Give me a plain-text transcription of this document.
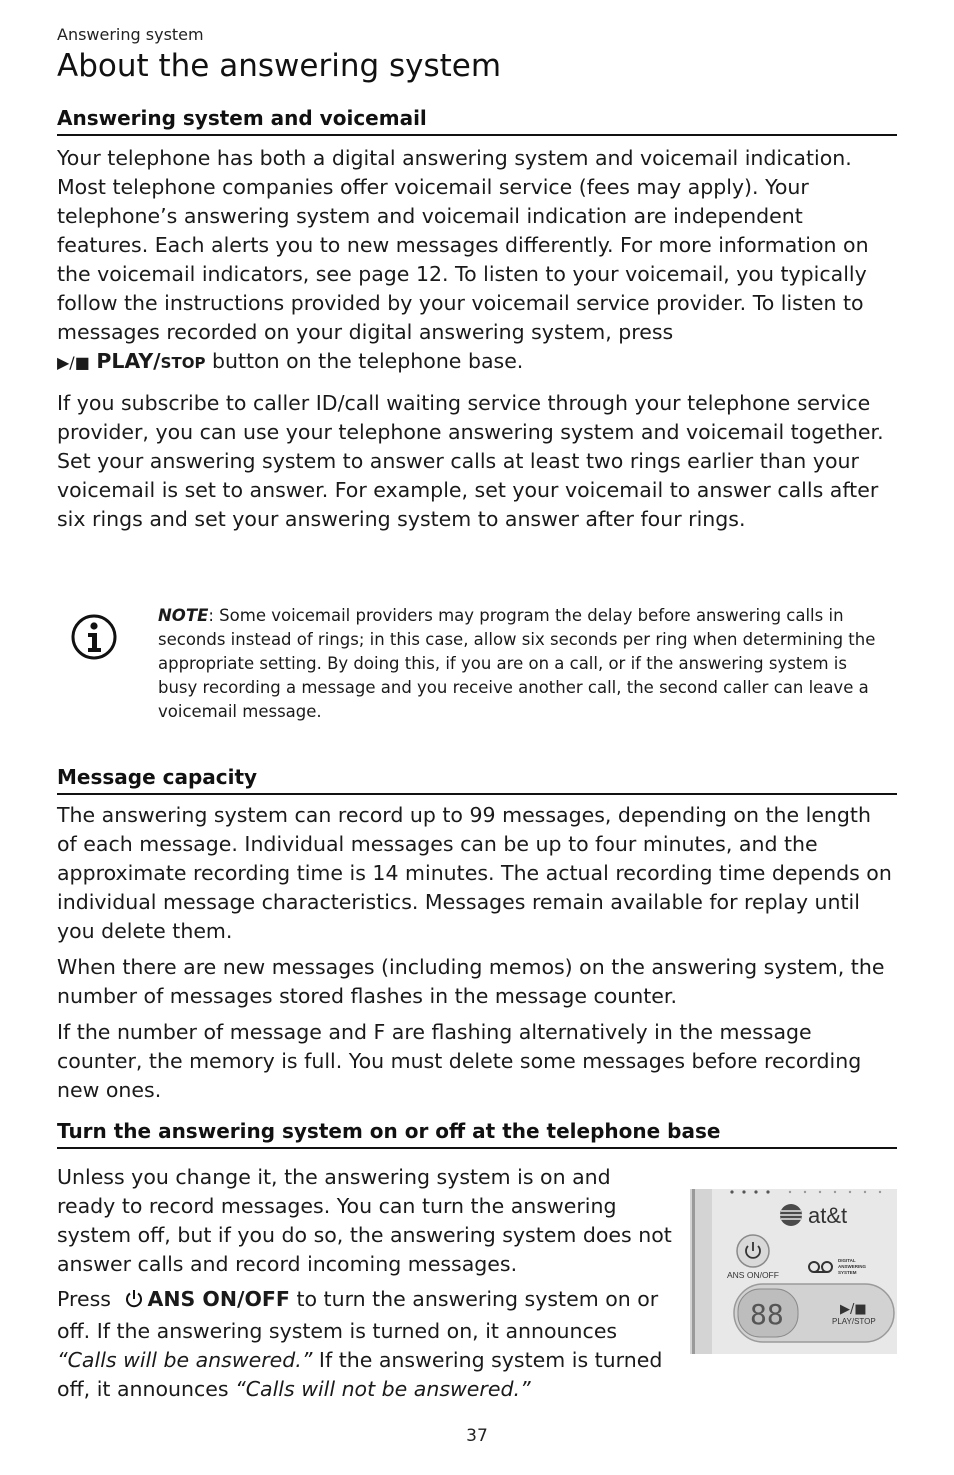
Answering system
About the answering system
Answering system and voicemail

Your telephone has both a digital answering system and voicemail indication. Most telephone companies offer voicemail service (fees may apply). Your telephone’s answering system and voicemail indication are independent features. Each alerts you to new messages differently. For more information on the voicemail indicators, see page 12. To listen to your voicemail, you typically follow the instructions provided by your voicemail service provider. To listen to messages recorded on your digital answering system, press
▶/■ PLAY/STOP button on the telephone base.

If you subscribe to caller ID/call waiting service through your telephone service provider, you can use your telephone answering system and voicemail together. Set your answering system to answer calls at least two rings earlier than your voicemail is set to answer. For example, set your voicemail to answer calls after six rings and set your answering system to answer after four rings.

NOTE: Some voicemail providers may program the delay before answering calls in seconds instead of rings; in this case, allow six seconds per ring when determining the appropriate setting. By doing this, if you are on a call, or if the answering system is busy recording a message and you receive another call, the second caller can leave a voicemail message.

Message capacity

The answering system can record up to 99 messages, depending on the length of each message. Individual messages can be up to four minutes, and the approximate recording time is 14 minutes. The actual recording time depends on individual message characteristics. Messages remain available for replay until you delete them.

When there are new messages (including memos) on the answering system, the number of messages stored flashes in the message counter.

If the number of message and F are flashing alternatively in the message counter, the memory is full. You must delete some messages before recording new ones.

Turn the answering system on or off at the telephone base

Unless you change it, the answering system is on and ready to record messages. You can turn the answering system off, but if you do so, the answering system does not answer calls and record incoming messages.

Press ANS ON/OFF to turn the answering system on or off. If the answering system is turned on, it announces “Calls will be answered.” If the answering system is turned off, it announces “Calls will not be answered.”

at&t
ANS ON/OFF
DIGITAL
ANSWERING
SYSTEM
88	▶/■
PLAY/STOP
37
